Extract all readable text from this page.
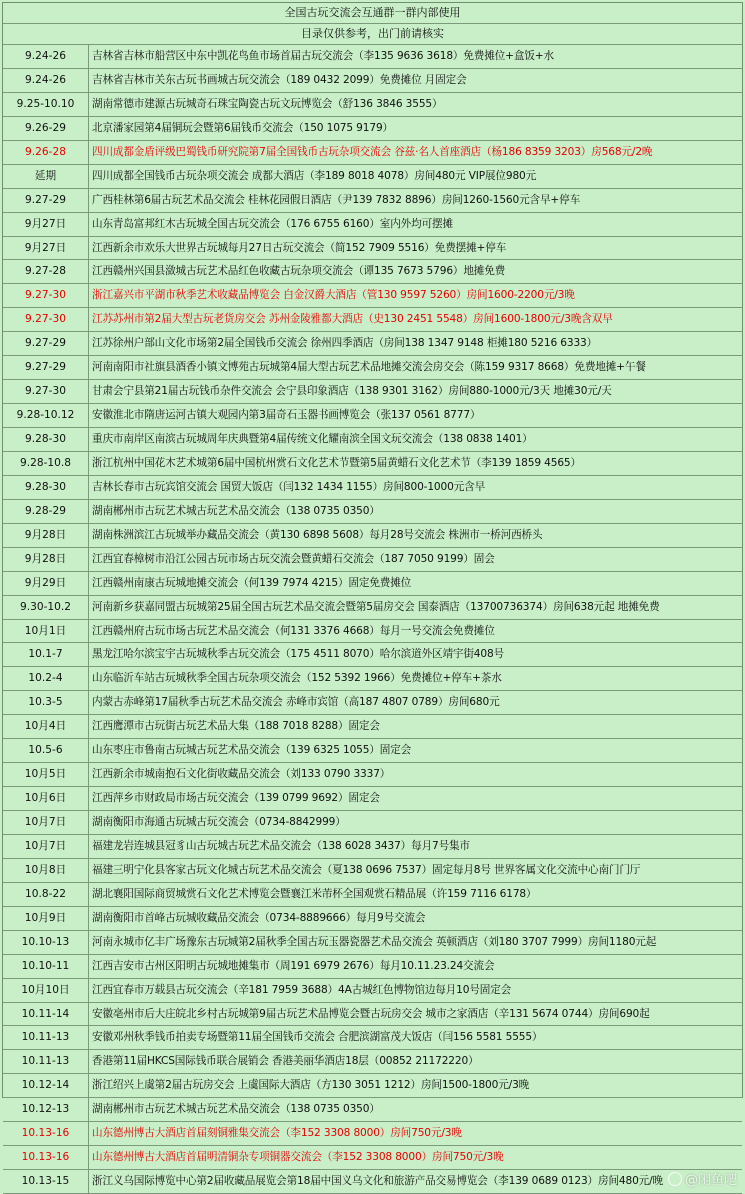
全国古玩交流会互通群一群内部使用
目录仅供参考，出门前请核实
9.24-26	吉林省吉林市船营区中东中凯花鸟鱼市场首届古玩交流会（李135 9636 3618）免费摊位+盒饭+水
9.24-26	吉林省吉林市关东古玩书画城古玩交流会（189 0432 2099）免费摊位 月固定会
9.25-10.10	湖南常德市建源古玩城奇石珠宝陶瓷古玩文玩博览会（舒136 3846 3555）
9.26-29	北京潘家园第4届铜玩会暨第6届钱币交流会（150 1075 9179）
9.26-28	四川成都金盾评级巴蜀钱币研究院第7届全国钱币古玩杂项交流会 谷兹·名人首座酒店（杨186 8359 3203）房568元/2晚
延期	四川成都全国钱币古玩杂项交流会 成都大酒店（李189 8018 4078）房间480元 VIP展位980元
9.27-29	广西桂林第6届古玩艺术品交流会 桂林花园假日酒店（尹139 7832 8896）房间1260-1560元含早+停车
9月27日	山东青岛富邦红木古玩城全国古玩交流会（176 6755 6160）室内外均可摆摊
9月27日	江西新余市欢乐大世界古玩城每月27日古玩交流会（简152 7909 5516）免费摆摊+停车
9.27-28	江西赣州兴国县潋城古玩艺术品红色收藏古玩杂项交流会（谭135 7673 5796）地摊免费
9.27-30	浙江嘉兴市平湖市秋季艺术收藏品博览会 白金汉爵大酒店（管130 9597 5260）房间1600-2200元/3晚
9.27-30	江苏苏州市第2届大型古玩老货房交会 苏州金陵雅都大酒店（史130 2451 5548）房间1600-1800元/3晚含双早
9.27-29	江苏徐州户部山文化市场第2届全国钱币交流会 徐州四季酒店（房间138 1347 9148 柜摊180 5216 6333）
9.27-29	河南南阳市社旗县酒香小镇文博苑古玩城第4届大型古玩艺术品地摊交流会房交会（陈159 9317 8668）免费地摊+午餐
9.27-30	甘肃会宁县第21届古玩钱币杂件交流会 会宁县印象酒店（138 9301 3162）房间880-1000元/3天 地摊30元/天
9.28-10.12	安徽淮北市隋唐运河古镇大观园内第3届奇石玉器书画博览会（张137 0561 8777）
9.28-30	重庆市南岸区南滨古玩城周年庆典暨第4届传统文化耀南滨全国文玩交流会（138 0838 1401）
9.28-10.8	浙江杭州中国花木艺术城第6届中国杭州赏石文化艺术节暨第5届黄蜡石文化艺术节（李139 1859 4565）
9.28-30	吉林长春市古玩宾馆交流会 国贸大饭店（闫132 1434 1155）房间800-1000元含早
9.28-29	湖南郴州市古玩艺术城古玩艺术品交流会（138 0735 0350）
9月28日	湖南株洲滨江古玩城举办藏品交流会（黄130 6898 5608）每月28号交流会 株洲市一桥河西桥头
9月28日	江西宜春樟树市沿江公园古玩市场古玩交流会暨黄蜡石交流会（187 7050 9199）固会
9月29日	江西赣州南康古玩城地摊交流会（何139 7974 4215）固定免费摊位
9.30-10.2	河南新乡获嘉同盟古玩城第25届全国古玩艺术品交流会暨第5届房交会 国泰酒店（13700736374）房间638元起 地摊免费
10月1日	江西赣州府古玩市场古玩艺术品交流会（何131 3376 4668）每月一号交流会免费摊位
10.1-7	黑龙江哈尔滨宝宇古玩城秋季古玩交流会（175 4511 8070）哈尔滨道外区靖宇街408号
10.2-4	山东临沂车站古玩城秋季全国古玩杂项交流会（152 5392 1966）免费摊位+停车+茶水
10.3-5	内蒙古赤峰第17届秋季古玩艺术品交流会 赤峰市宾馆（高187 4807 0789）房间680元
10月4日	江西鹰潭市古玩街古玩艺术品大集（188 7018 8288）固定会
10.5-6	山东枣庄市鲁南古玩城古玩艺术品交流会（139 6325 1055）固定会
10月5日	江西新余市城南抱石文化街收藏品交流会（刘133 0790 3337）
10月6日	江西萍乡市财政局市场古玩交流会（139 0799 9692）固定会
10月7日	湖南衡阳市海通古玩城古玩交流会（0734-8842999）
10月7日	福建龙岩连城县冠豸山古玩城古玩艺术品交流会（138 6028 3437）每月7号集市
10月8日	福建三明宁化县客家古玩文化城古玩艺术品交流会（夏138 0696 7537）固定每月8号 世界客属文化交流中心南门门厅
10.8-22	湖北襄阳国际商贸城赏石文化艺术博览会暨襄江米芾杯全国观赏石精品展（许159 7116 6178）
10月9日	湖南衡阳市首峰古玩城收藏品交流会（0734-8889666）每月9号交流会
10.10-13	河南永城市亿丰广场豫东古玩城第2届秋季全国古玩玉器瓷器艺术品交流会 英顿酒店（刘180 3707 7999）房间1180元起
10.10-11	江西吉安市古州区阳明古玩城地摊集市（周191 6979 2676）每月10.11.23.24交流会
10月10日	江西宜春市万载县古玩交流会（辛181 7959 3688）4A古城红色博物馆边每月10号固定会
10.11-14	安徽亳州市后大庄皖北乡村古玩城第9届古玩艺术品博览会暨古玩房交会 城市之家酒店（辛131 5674 0744）房间690起
10.11-13	安徽邓州秋季钱币拍卖专场暨第11届全国钱币交流会 合肥滨湖富茂大饭店（闫156 5581 5555）
10.11-13	香港第11届HKCS国际钱币联合展销会 香港美丽华酒店18层（00852 21172220）
10.12-14	浙江绍兴上虞第2届古玩房交会 上虞国际大酒店（方130 3051 1212）房间1500-1800元/3晚
10.12-13	湖南郴州市古玩艺术城古玩艺术品交流会（138 0735 0350）
10.13-16	山东德州博古大酒店首届刻铜雅集交流会（李152 3308 8000）房间750元/3晚
10.13-16	山东德州博古大酒店首届明清铜杂专项铜器交流会（李152 3308 8000）房间750元/3晚
10.13-15	浙江义乌国际博览中心第2届收藏品展览会第18届中国义乌文化和旅游产品交易博览会（李139 0689 0123）房间480元/晚	@闲鱼吧
